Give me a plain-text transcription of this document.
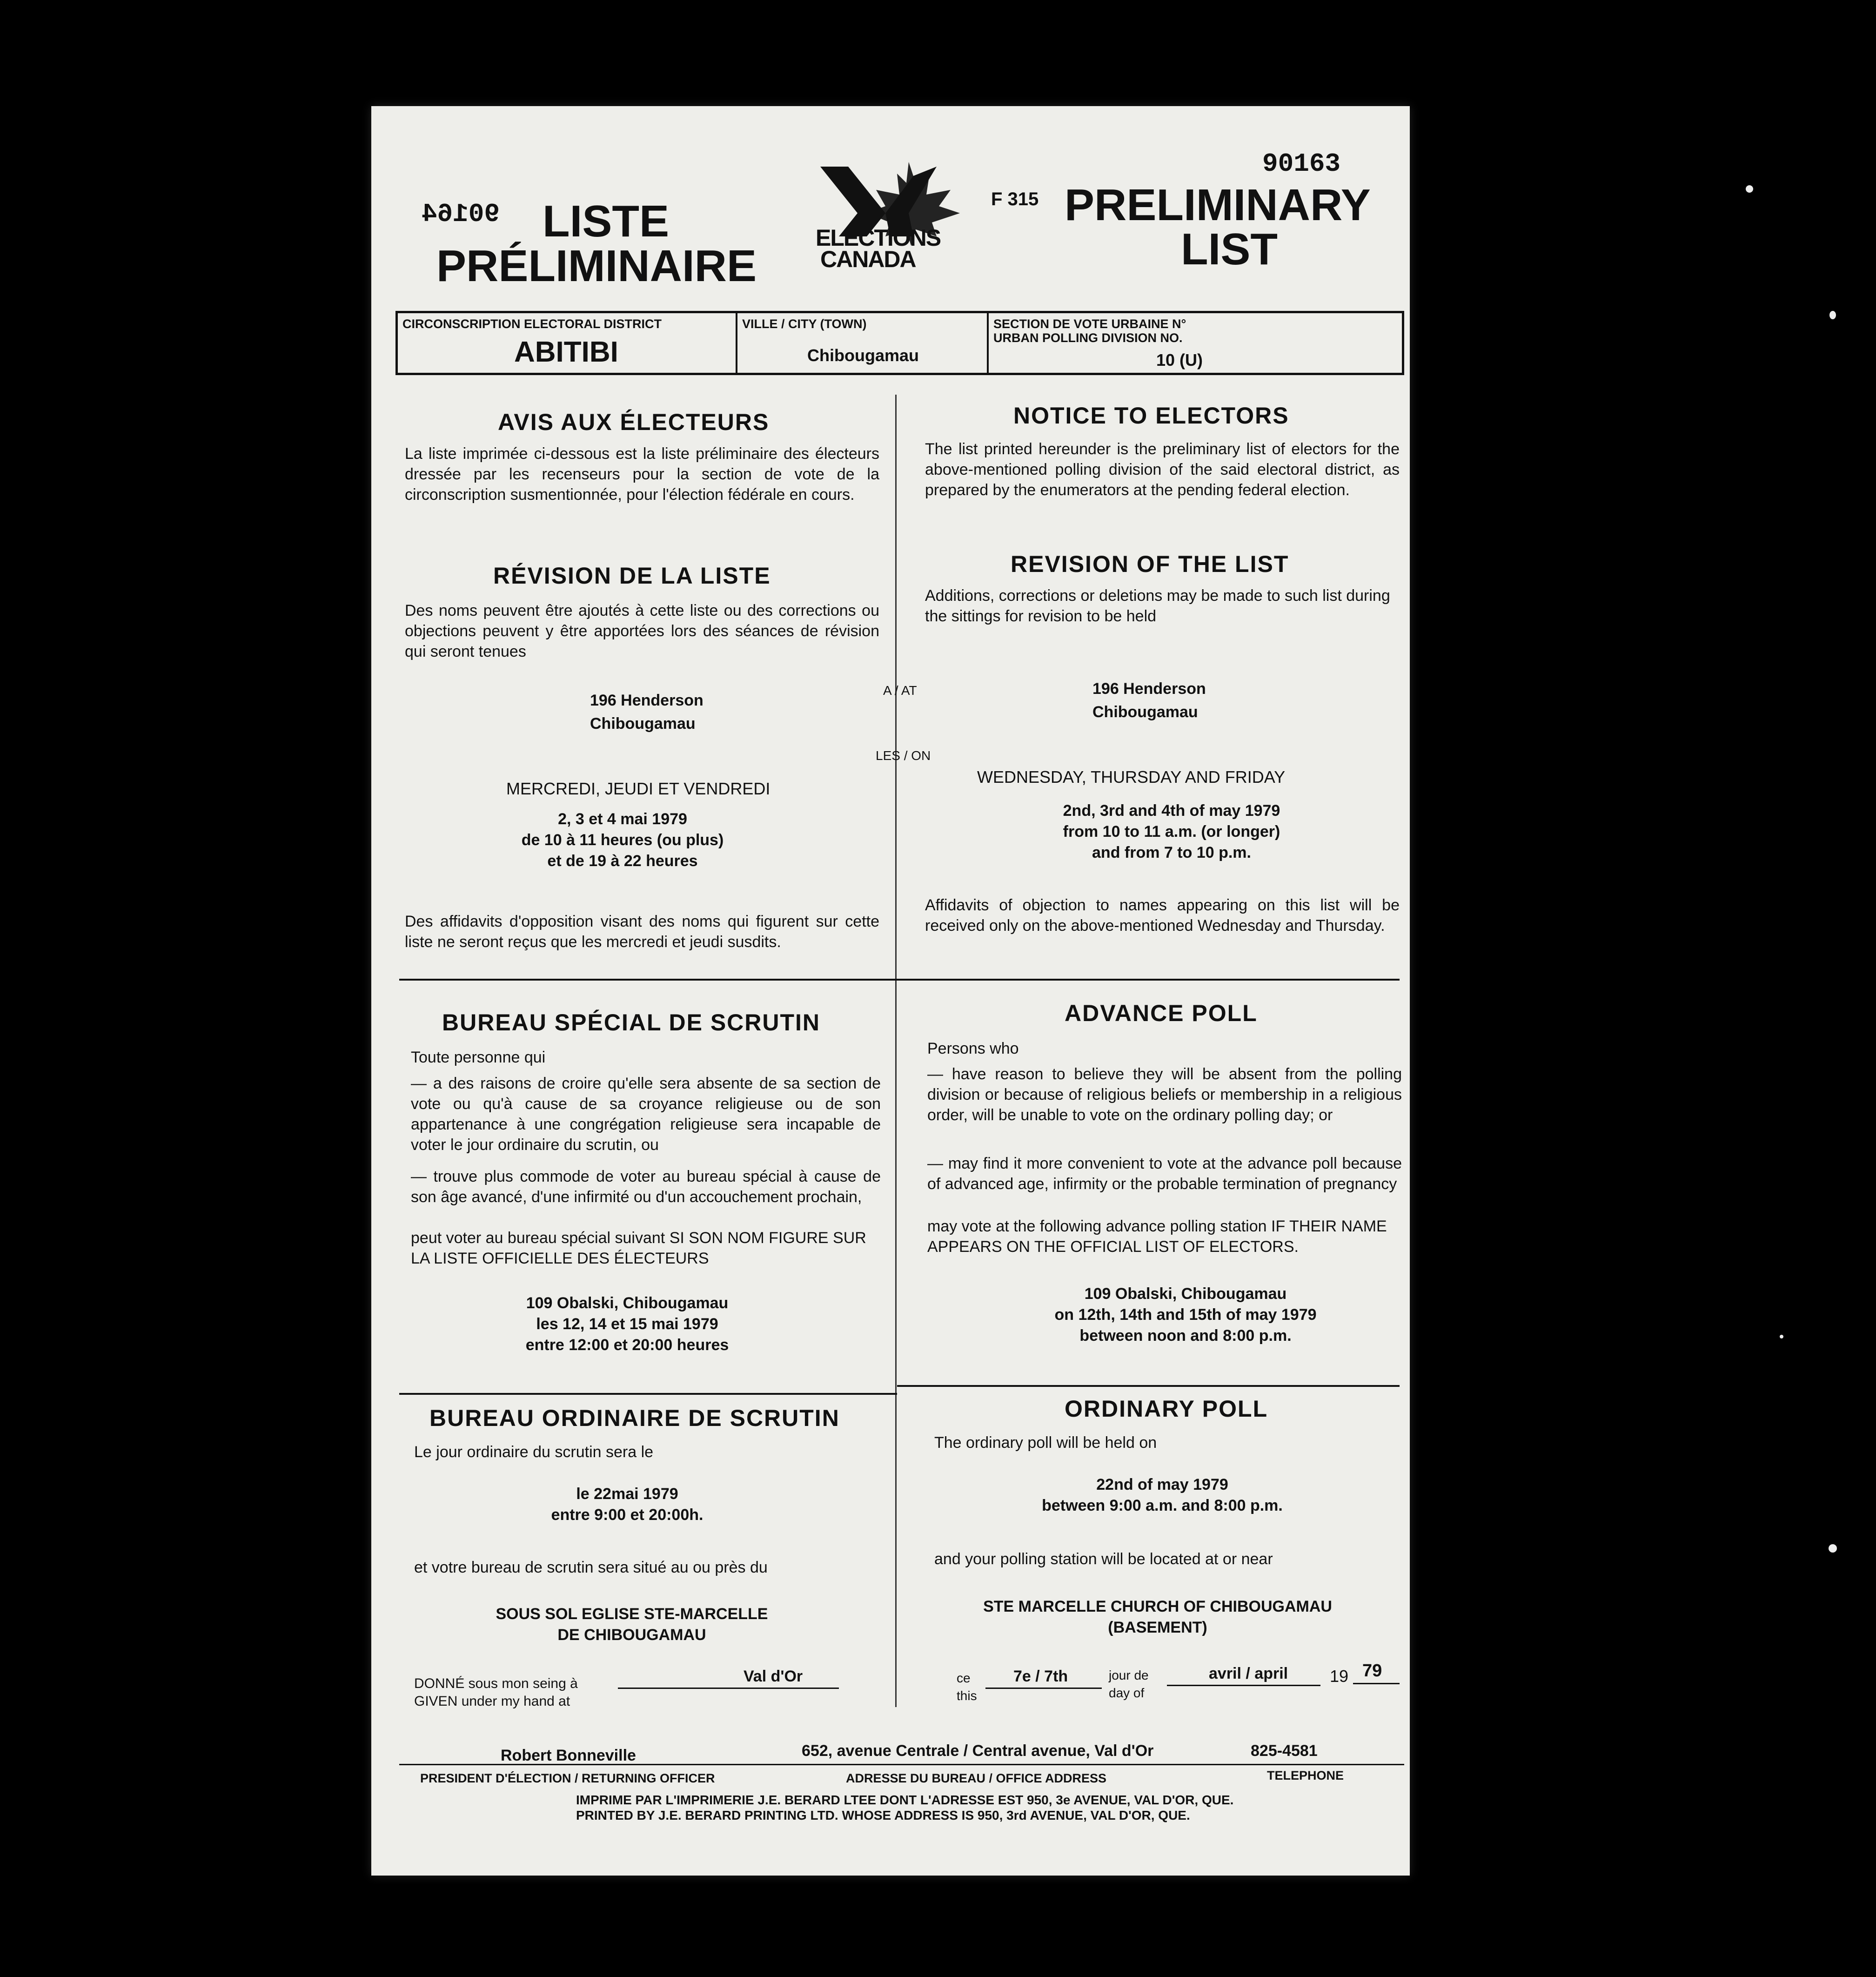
90164
90163
LISTE
PRÉLIMINAIRE
ELECTIONS
CANADA
F 315 PRELIMINARY
LIST
CIRCONSCRIPTION ELECTORAL DISTRICT
ABITIBI
VILLE / CITY (TOWN)
Chibougamau
SECTION DE VOTE URBAINE N°
URBAN POLLING DIVISION NO.
10 (U)
AVIS AUX ÉLECTEURS
La liste imprimée ci-dessous est la liste préliminaire des électeurs dressée par les recenseurs pour la section de vote de la circonscription susmentionnée, pour l'élection fédérale en cours.
NOTICE TO ELECTORS
The list printed hereunder is the preliminary list of electors for the above-mentioned polling division of the said electoral district, as prepared by the enumerators at the pending federal election.
RÉVISION DE LA LISTE
Des noms peuvent être ajoutés à cette liste ou des corrections ou objections peuvent y être apportées lors des séances de révision qui seront tenues
REVISION OF THE LIST
Additions, corrections or deletions may be made to such list during the sittings for revision to be held
196 Henderson
Chibougamau
A / AT	196 Henderson
Chibougamau
LES / ON
MERCREDI, JEUDI ET VENDREDI
WEDNESDAY, THURSDAY AND FRIDAY
2, 3 et 4 mai 1979
de 10 à 11 heures (ou plus)
et de 19 à 22 heures
2nd, 3rd and 4th of may 1979
from 10 to 11 a.m. (or longer)
and from 7 to 10 p.m.
Des affidavits d'opposition visant des noms qui figurent sur cette liste ne seront reçus que les mercredi et jeudi susdits.
Affidavits of objection to names appearing on this list will be received only on the above-mentioned Wednesday and Thursday.
BUREAU SPÉCIAL DE SCRUTIN
Toute personne qui
— a des raisons de croire qu'elle sera absente de sa section de vote ou qu'à cause de sa croyance religieuse ou de son appartenance à une congrégation religieuse sera incapable de voter le jour ordinaire du scrutin, ou
— trouve plus commode de voter au bureau spécial à cause de son âge avancé, d'une infirmité ou d'un accouchement prochain,
peut voter au bureau spécial suivant SI SON NOM FIGURE SUR LA LISTE OFFICIELLE DES ÉLECTEURS
ADVANCE POLL
Persons who
— have reason to believe they will be absent from the polling division or because of religious beliefs or membership in a religious order, will be unable to vote on the ordinary polling day; or
— may find it more convenient to vote at the advance poll because of advanced age, infirmity or the probable termination of pregnancy
may vote at the following advance polling station IF THEIR NAME APPEARS ON THE OFFICIAL LIST OF ELECTORS.
109 Obalski, Chibougamau
les 12, 14 et 15 mai 1979
entre 12:00 et 20:00 heures
109 Obalski, Chibougamau
on 12th, 14th and 15th of may 1979
between noon and 8:00 p.m.
BUREAU ORDINAIRE DE SCRUTIN
Le jour ordinaire du scrutin sera le
le 22mai 1979
entre 9:00 et 20:00h.
et votre bureau de scrutin sera situé au ou près du
SOUS SOL EGLISE STE-MARCELLE
DE CHIBOUGAMAU
ORDINARY POLL
The ordinary poll will be held on
22nd of may 1979
between 9:00 a.m. and 8:00 p.m.
and your polling station will be located at or near
STE MARCELLE CHURCH OF CHIBOUGAMAU
(BASEMENT)
DONNÉ sous mon seing à
GIVEN under my hand at
Val d'Or	ce
this
7e / 7th	jour de
day of
avril / april 19 79
Robert Bonneville	652, avenue Centrale / Central avenue, Val d'Or	825-4581
PRESIDENT D'ÉLECTION / RETURNING OFFICER	ADRESSE DU BUREAU / OFFICE ADDRESS	TELEPHONE
IMPRIME PAR L'IMPRIMERIE J.E. BERARD LTEE DONT L'ADRESSE EST 950, 3e AVENUE, VAL D'OR, QUE.
PRINTED BY J.E. BERARD PRINTING LTD. WHOSE ADDRESS IS 950, 3rd AVENUE, VAL D'OR, QUE.
